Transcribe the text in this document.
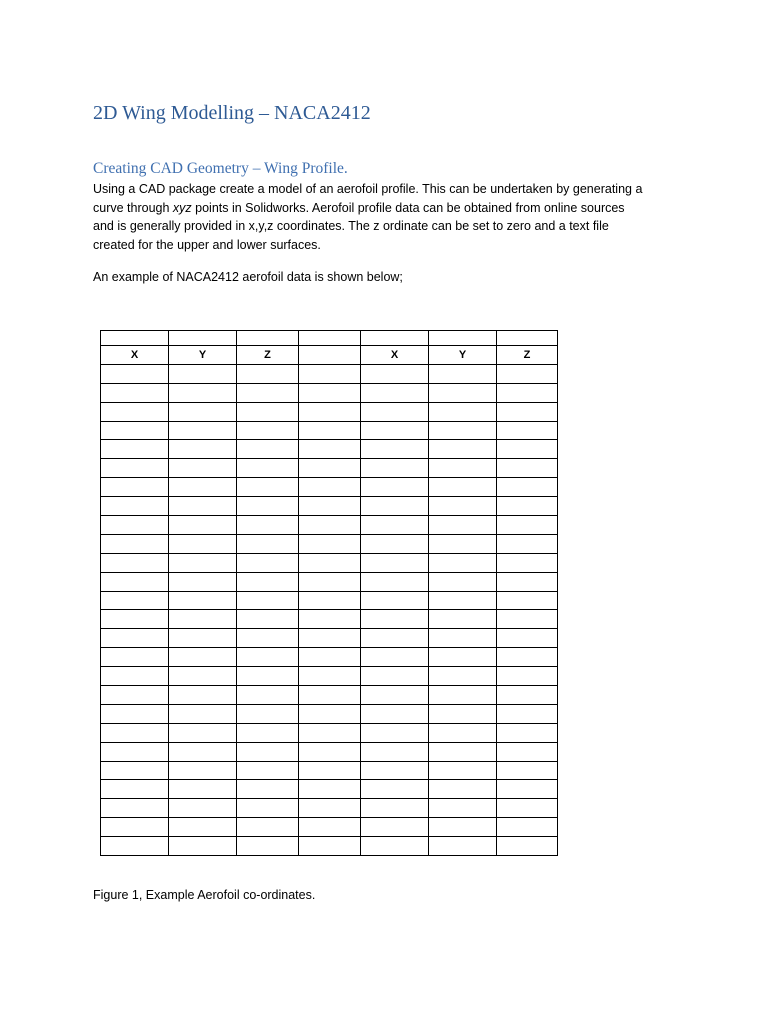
2D Wing Modelling – NACA2412
Creating CAD Geometry – Wing Profile.
Using a CAD package create a model of an aerofoil profile. This can be undertaken by generating a
curve through xyz points in Solidworks. Aerofoil profile data can be obtained from online sources
and is generally provided in x,y,z coordinates. The z ordinate can be set to zero and a text file
created for the upper and lower surfaces.

An example of NACA2412 aerofoil data is shown below;

X	Y	Z		X	Y	Z

Figure 1, Example Aerofoil co-ordinates.
